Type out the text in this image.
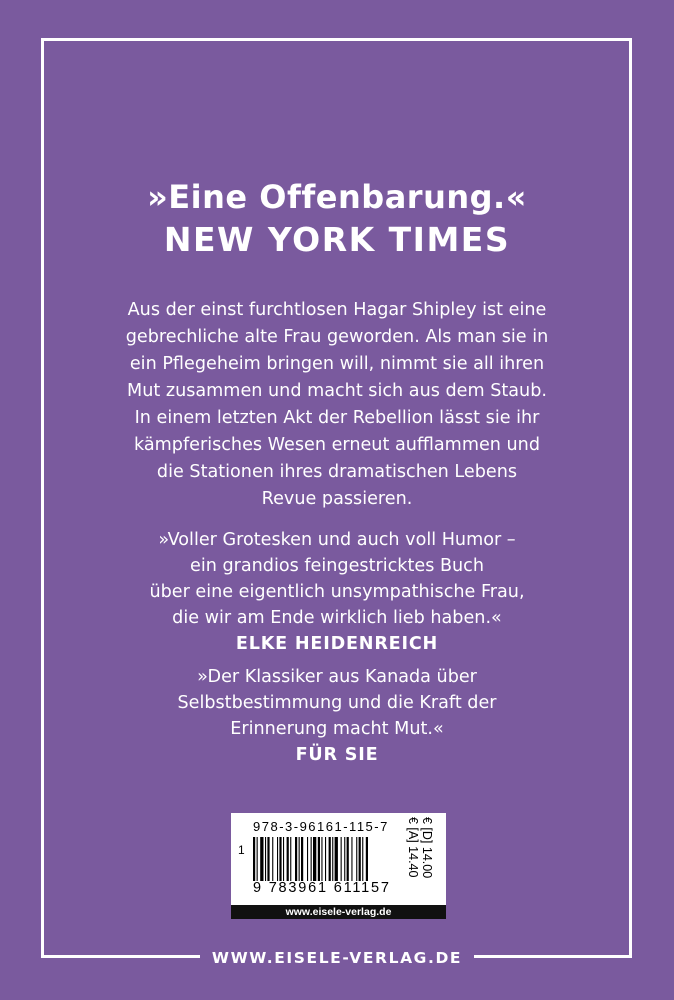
»Eine Offenbarung.«
NEW YORK TIMES

Aus der einst furchtlosen Hagar Shipley ist eine
gebrechliche alte Frau geworden. Als man sie in
ein Pflegeheim bringen will, nimmt sie all ihren
Mut zusammen und macht sich aus dem Staub.
In einem letzten Akt der Rebellion lässt sie ihr
kämpferisches Wesen erneut aufflammen und
die Stationen ihres dramatischen Lebens
Revue passieren.

»Voller Grotesken und auch voll Humor –
ein grandios feingestricktes Buch
über eine eigentlich unsympathische Frau,
die wir am Ende wirklich lieb haben.«
ELKE HEIDENREICH

»Der Klassiker aus Kanada über
Selbstbestimmung und die Kraft der
Erinnerung macht Mut.«
FÜR SIE

978-3-96161-115-7
1
9 783961 611157
€ [D] 14.00
€ [A] 14.40
www.eisele-verlag.de
WWW.EISELE-VERLAG.DE
